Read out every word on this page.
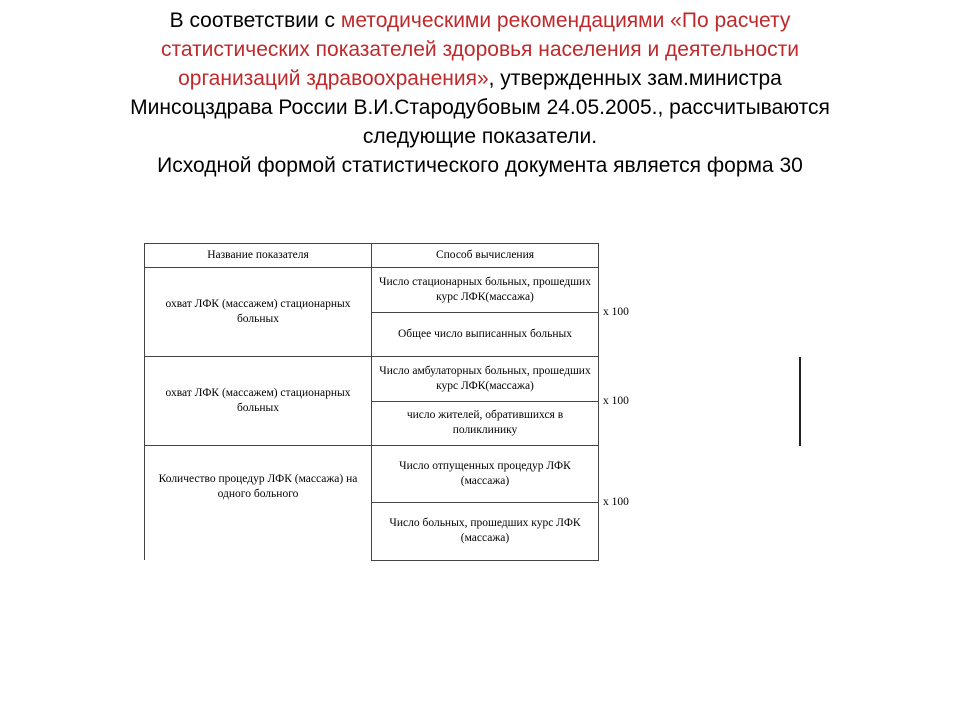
В соответствии с методическими рекомендациями «По расчету
статистических показателей здоровья населения и деятельности
организаций здравоохранения», утвержденных зам.министра
Минсоцздрава России В.И.Стародубовым 24.05.2005., рассчитываются
следующие показатели.
Исходной формой статистического документа является форма 30
Название показателя	Способ вычисления	
охват ЛФК (массажем) стационарных больных	Число стационарных больных, прошедших курс ЛФК(массажа)	х 100
	Общее число выписанных больных	
охват ЛФК (массажем) стационарных больных	Число амбулаторных больных, прошедших курс ЛФК(массажа)	х 100
	число жителей, обратившихся в поликлинику	
Количество процедур ЛФК (массажа) на одного больного	Число отпущенных процедур ЛФК (массажа)	х 100
	Число больных, прошедших курс ЛФК (массажа)	
